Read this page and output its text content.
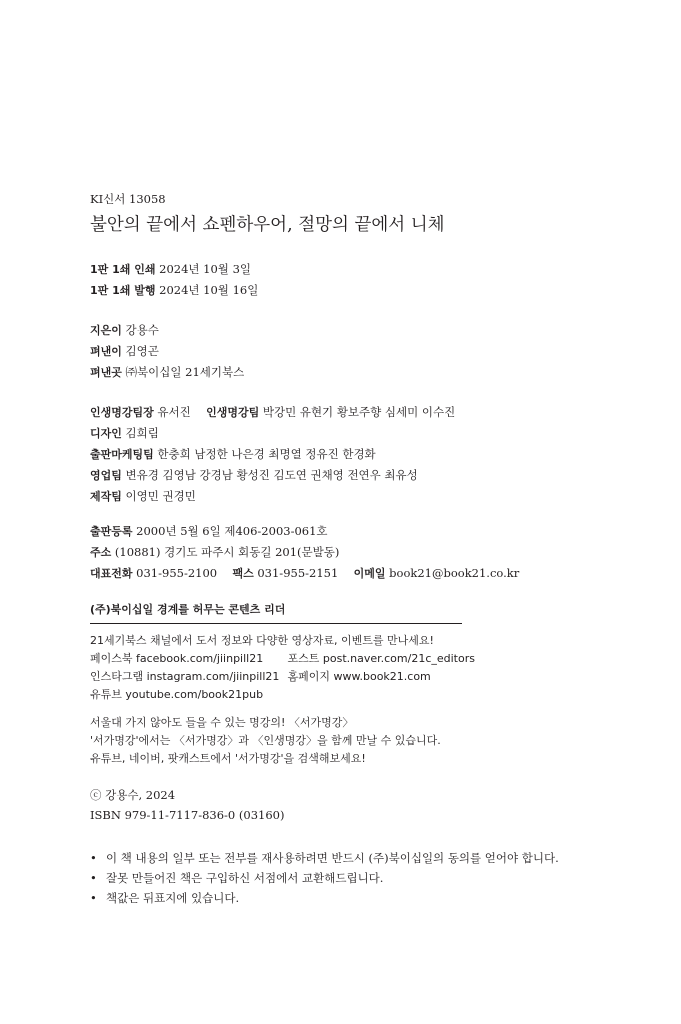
KI신서 13058
불안의 끝에서 쇼펜하우어, 절망의 끝에서 니체
1판 1쇄 인쇄 2024년 10월 3일
1판 1쇄 발행 2024년 10월 16일
지은이 강용수
펴낸이 김영곤
펴낸곳 ㈜북이십일 21세기북스
인생명강팀장 유서진 인생명강팀 박강민 유현기 황보주향 심세미 이수진
디자인 김희림
출판마케팅팀 한충희 남정한 나은경 최명열 정유진 한경화
영업팀 변유경 김영남 강경남 황성진 김도연 권채영 전연우 최유성
제작팀 이영민 권경민
출판등록 2000년 5월 6일 제406-2003-061호
주소 (10881) 경기도 파주시 회동길 201(문발동)
대표전화 031-955-2100 팩스 031-955-2151 이메일 book21@book21.co.kr
(주)북이십일 경계를 허무는 콘텐츠 리더
21세기북스 채널에서 도서 정보와 다양한 영상자료, 이벤트를 만나세요!
페이스북 facebook.com/jiinpill21 포스트 post.naver.com/21c_editors
인스타그램 instagram.com/jiinpill21 홈페이지 www.book21.com
유튜브 youtube.com/book21pub
서울대 가지 않아도 들을 수 있는 명강의! 〈서가명강〉
'서가명강'에서는 〈서가명강〉과 〈인생명강〉을 함께 만날 수 있습니다.
유튜브, 네이버, 팟캐스트에서 '서가명강'을 검색해보세요!
ⓒ 강용수, 2024
ISBN 979-11-7117-836-0 (03160)
• 이 책 내용의 일부 또는 전부를 재사용하려면 반드시 (주)북이십일의 동의를 얻어야 합니다.
• 잘못 만들어진 책은 구입하신 서점에서 교환해드립니다.
• 책값은 뒤표지에 있습니다.
